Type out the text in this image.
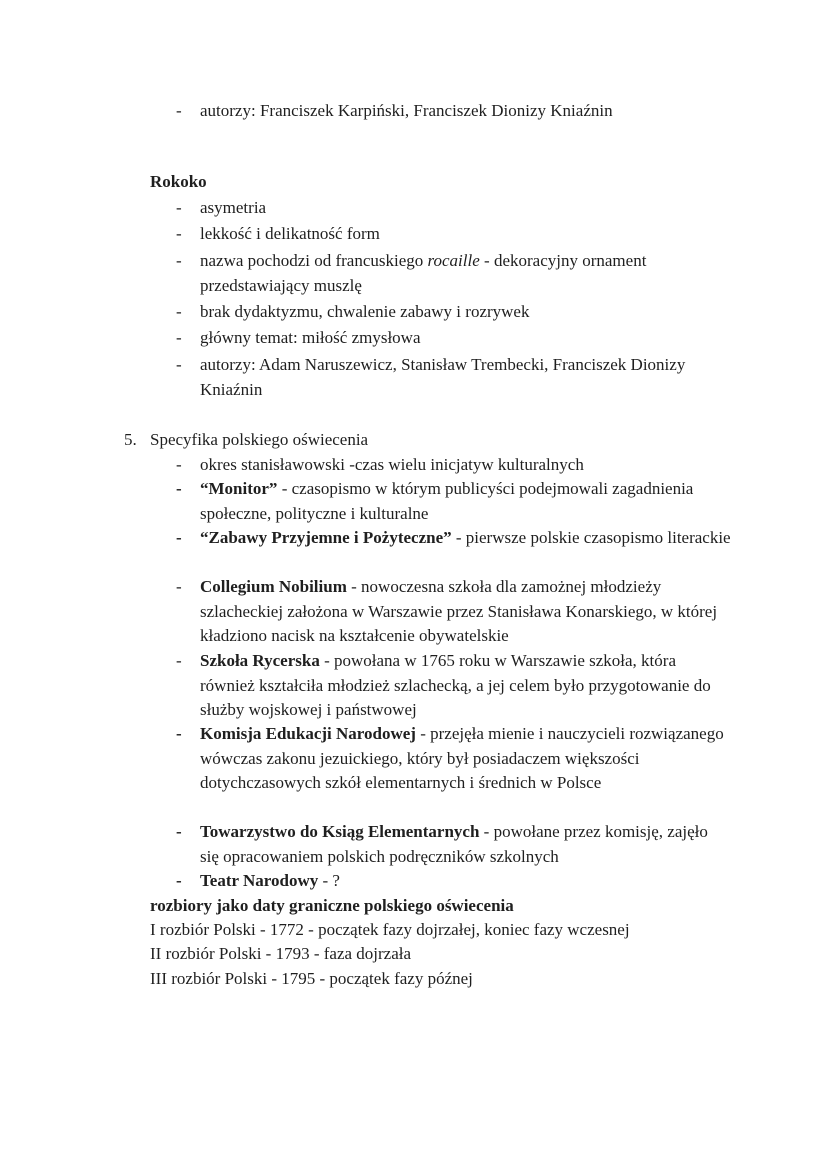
-	autorzy: Franciszek Karpiński, Franciszek Dionizy Kniaźnin
Rokoko
-	asymetria
-	lekkość i delikatność form
-	nazwa pochodzi od francuskiego rocaille - dekoracyjny ornament przedstawiający muszlę
-	brak dydaktyzmu, chwalenie zabawy i rozrywek
-	główny temat: miłość zmysłowa
-	autorzy: Adam Naruszewicz, Stanisław Trembecki, Franciszek Dionizy Kniaźnin
5. Specyfika polskiego oświecenia
-	okres stanisławowski -czas wielu inicjatyw kulturalnych
-	“Monitor” - czasopismo w którym publicyści podejmowali zagadnienia społeczne, polityczne i kulturalne
-	“Zabawy Przyjemne i Pożyteczne” - pierwsze polskie czasopismo literackie
-	Collegium Nobilium - nowoczesna szkoła dla zamożnej młodzieży szlacheckiej założona w Warszawie przez Stanisława Konarskiego, w której kładziono nacisk na kształcenie obywatelskie
-	Szkoła Rycerska - powołana w 1765 roku w Warszawie szkoła, która również kształciła młodzież szlachecką, a jej celem było przygotowanie do służby wojskowej i państwowej
-	Komisja Edukacji Narodowej - przejęła mienie i nauczycieli rozwiązanego wówczas zakonu jezuickiego, który był posiadaczem większości dotychczasowych szkół elementarnych i średnich w Polsce
-	Towarzystwo do Ksiąg Elementarnych - powołane przez komisję, zajęło się opracowaniem polskich podręczników szkolnych
-	Teatr Narodowy - ?
rozbiory jako daty graniczne polskiego oświecenia
I rozbiór Polski - 1772 - początek fazy dojrzałej, koniec fazy wczesnej
II rozbiór Polski - 1793 - faza dojrzała
III rozbiór Polski - 1795 - początek fazy późnej
